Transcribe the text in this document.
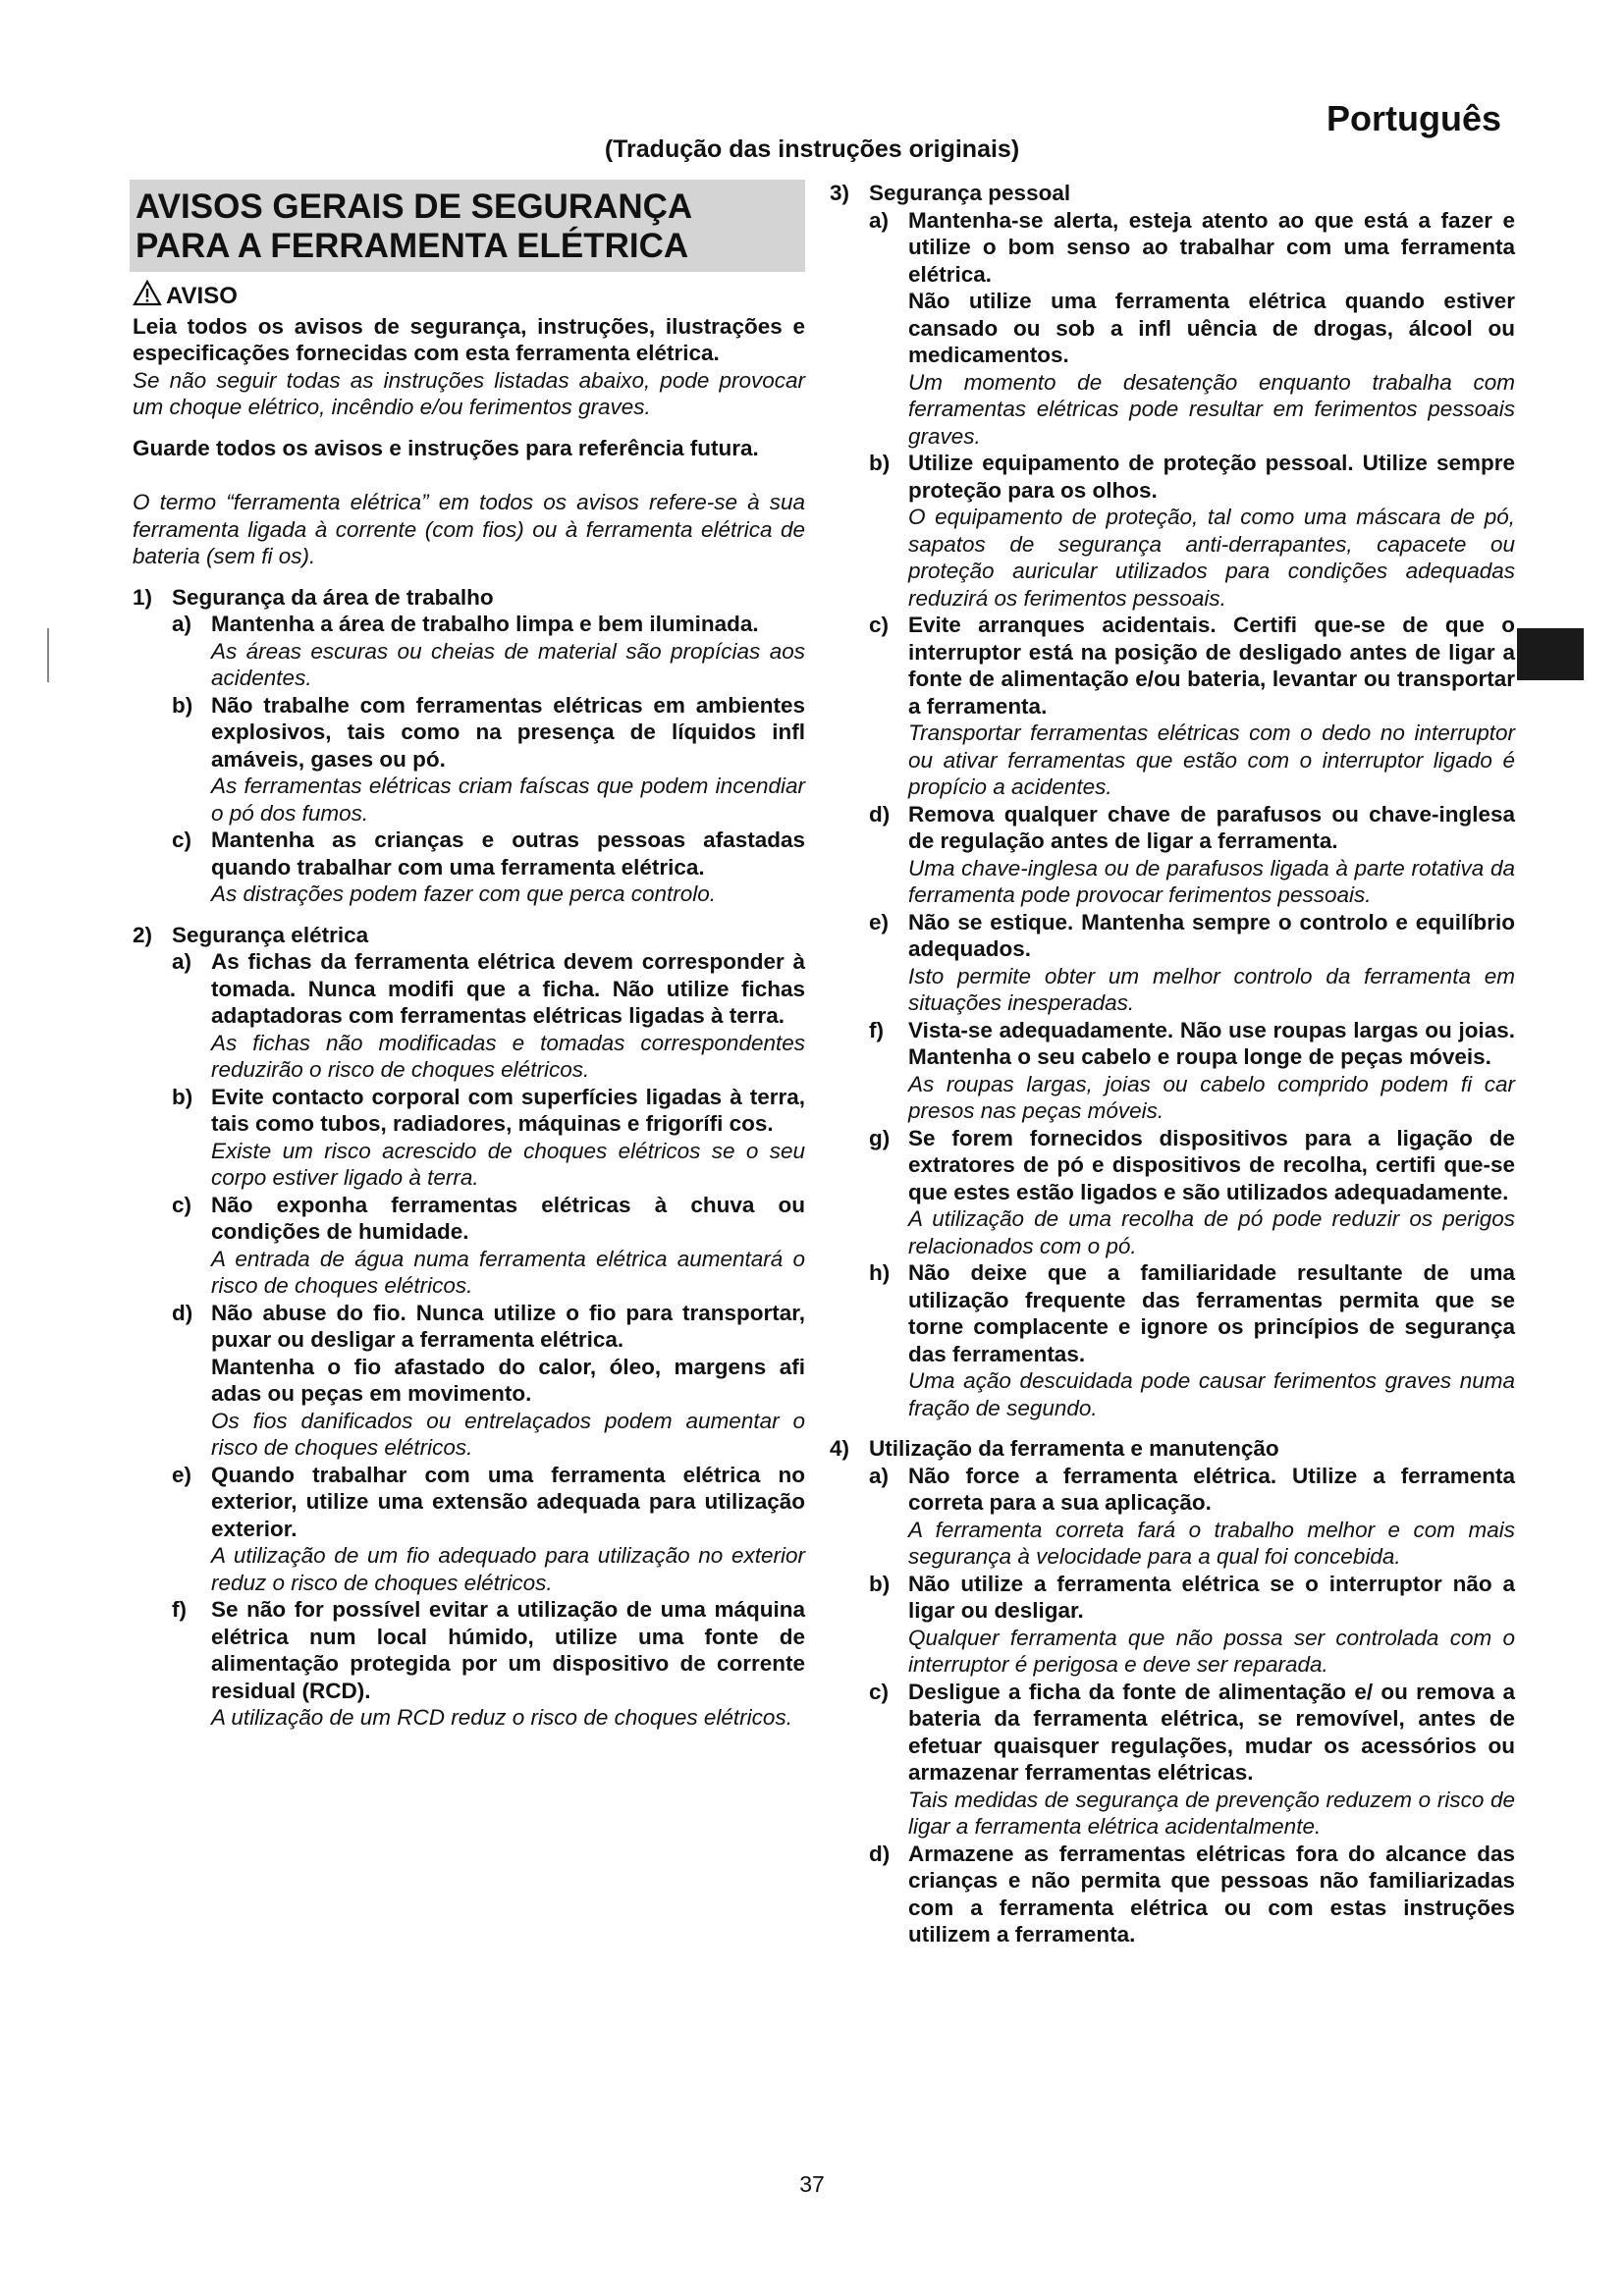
Português
(Tradução das instruções originais)
AVISOS GERAIS DE SEGURANÇA PARA A FERRAMENTA ELÉTRICA
AVISO
Leia todos os avisos de segurança, instruções, ilustrações e especificações fornecidas com esta ferramenta elétrica.
Se não seguir todas as instruções listadas abaixo, pode provocar um choque elétrico, incêndio e/ou ferimentos graves.
Guarde todos os avisos e instruções para referência futura.
O termo “ferramenta elétrica” em todos os avisos refere-se à sua ferramenta ligada à corrente (com fios) ou à ferramenta elétrica de bateria (sem fi os).
1) Segurança da área de trabalho
a) Mantenha a área de trabalho limpa e bem iluminada.
As áreas escuras ou cheias de material são propícias aos acidentes.
b) Não trabalhe com ferramentas elétricas em ambientes explosivos, tais como na presença de líquidos infl amáveis, gases ou pó.
As ferramentas elétricas criam faíscas que podem incendiar o pó dos fumos.
c) Mantenha as crianças e outras pessoas afastadas quando trabalhar com uma ferramenta elétrica.
As distrações podem fazer com que perca controlo.
2) Segurança elétrica
a) As fichas da ferramenta elétrica devem corresponder à tomada. Nunca modifi que a ficha. Não utilize fichas adaptadoras com ferramentas elétricas ligadas à terra.
As fichas não modificadas e tomadas correspondentes reduzirão o risco de choques elétricos.
b) Evite contacto corporal com superfícies ligadas à terra, tais como tubos, radiadores, máquinas e frigorífi cos.
Existe um risco acrescido de choques elétricos se o seu corpo estiver ligado à terra.
c) Não exponha ferramentas elétricas à chuva ou condições de humidade.
A entrada de água numa ferramenta elétrica aumentará o risco de choques elétricos.
d) Não abuse do fio. Nunca utilize o fio para transportar, puxar ou desligar a ferramenta elétrica.
Mantenha o fio afastado do calor, óleo, margens afi adas ou peças em movimento.
Os fios danificados ou entrelaçados podem aumentar o risco de choques elétricos.
e) Quando trabalhar com uma ferramenta elétrica no exterior, utilize uma extensão adequada para utilização exterior.
A utilização de um fio adequado para utilização no exterior reduz o risco de choques elétricos.
f)	Se não for possível evitar a utilização de uma máquina elétrica num local húmido, utilize uma fonte de alimentação protegida por um dispositivo de corrente residual (RCD).
A utilização de um RCD reduz o risco de choques elétricos.
3) Segurança pessoal
a) Mantenha-se alerta, esteja atento ao que está a fazer e utilize o bom senso ao trabalhar com uma ferramenta elétrica.
Não utilize uma ferramenta elétrica quando estiver cansado ou sob a infl uência de drogas, álcool ou medicamentos.
Um momento de desatenção enquanto trabalha com ferramentas elétricas pode resultar em ferimentos pessoais graves.
b) Utilize equipamento de proteção pessoal. Utilize sempre proteção para os olhos.
O equipamento de proteção, tal como uma máscara de pó, sapatos de segurança anti-derrapantes, capacete ou proteção auricular utilizados para condições adequadas reduzirá os ferimentos pessoais.
c) Evite arranques acidentais. Certifi que-se de que o interruptor está na posição de desligado antes de ligar a fonte de alimentação e/ou bateria, levantar ou transportar a ferramenta.
Transportar ferramentas elétricas com o dedo no interruptor ou ativar ferramentas que estão com o interruptor ligado é propício a acidentes.
d) Remova qualquer chave de parafusos ou chave-inglesa de regulação antes de ligar a ferramenta.
Uma chave-inglesa ou de parafusos ligada à parte rotativa da ferramenta pode provocar ferimentos pessoais.
e) Não se estique. Mantenha sempre o controlo e equilíbrio adequados.
Isto permite obter um melhor controlo da ferramenta em situações inesperadas.
f)	Vista-se adequadamente. Não use roupas largas ou joias. Mantenha o seu cabelo e roupa longe de peças móveis.
As roupas largas, joias ou cabelo comprido podem fi car presos nas peças móveis.
g) Se forem fornecidos dispositivos para a ligação de extratores de pó e dispositivos de recolha, certifi que-se que estes estão ligados e são utilizados adequadamente.
A utilização de uma recolha de pó pode reduzir os perigos relacionados com o pó.
h) Não deixe que a familiaridade resultante de uma utilização frequente das ferramentas permita que se torne complacente e ignore os princípios de segurança das ferramentas.
Uma ação descuidada pode causar ferimentos graves numa fração de segundo.
4) Utilização da ferramenta e manutenção
a) Não force a ferramenta elétrica. Utilize a ferramenta correta para a sua aplicação.
A ferramenta correta fará o trabalho melhor e com mais segurança à velocidade para a qual foi concebida.
b) Não utilize a ferramenta elétrica se o interruptor não a ligar ou desligar.
Qualquer ferramenta que não possa ser controlada com o interruptor é perigosa e deve ser reparada.
c) Desligue a ficha da fonte de alimentação e/ ou remova a bateria da ferramenta elétrica, se removível, antes de efetuar quaisquer regulações, mudar os acessórios ou armazenar ferramentas elétricas.
Tais medidas de segurança de prevenção reduzem o risco de ligar a ferramenta elétrica acidentalmente.
d) Armazene as ferramentas elétricas fora do alcance das crianças e não permita que pessoas não familiarizadas com a ferramenta elétrica ou com estas instruções utilizem a ferramenta.
37
